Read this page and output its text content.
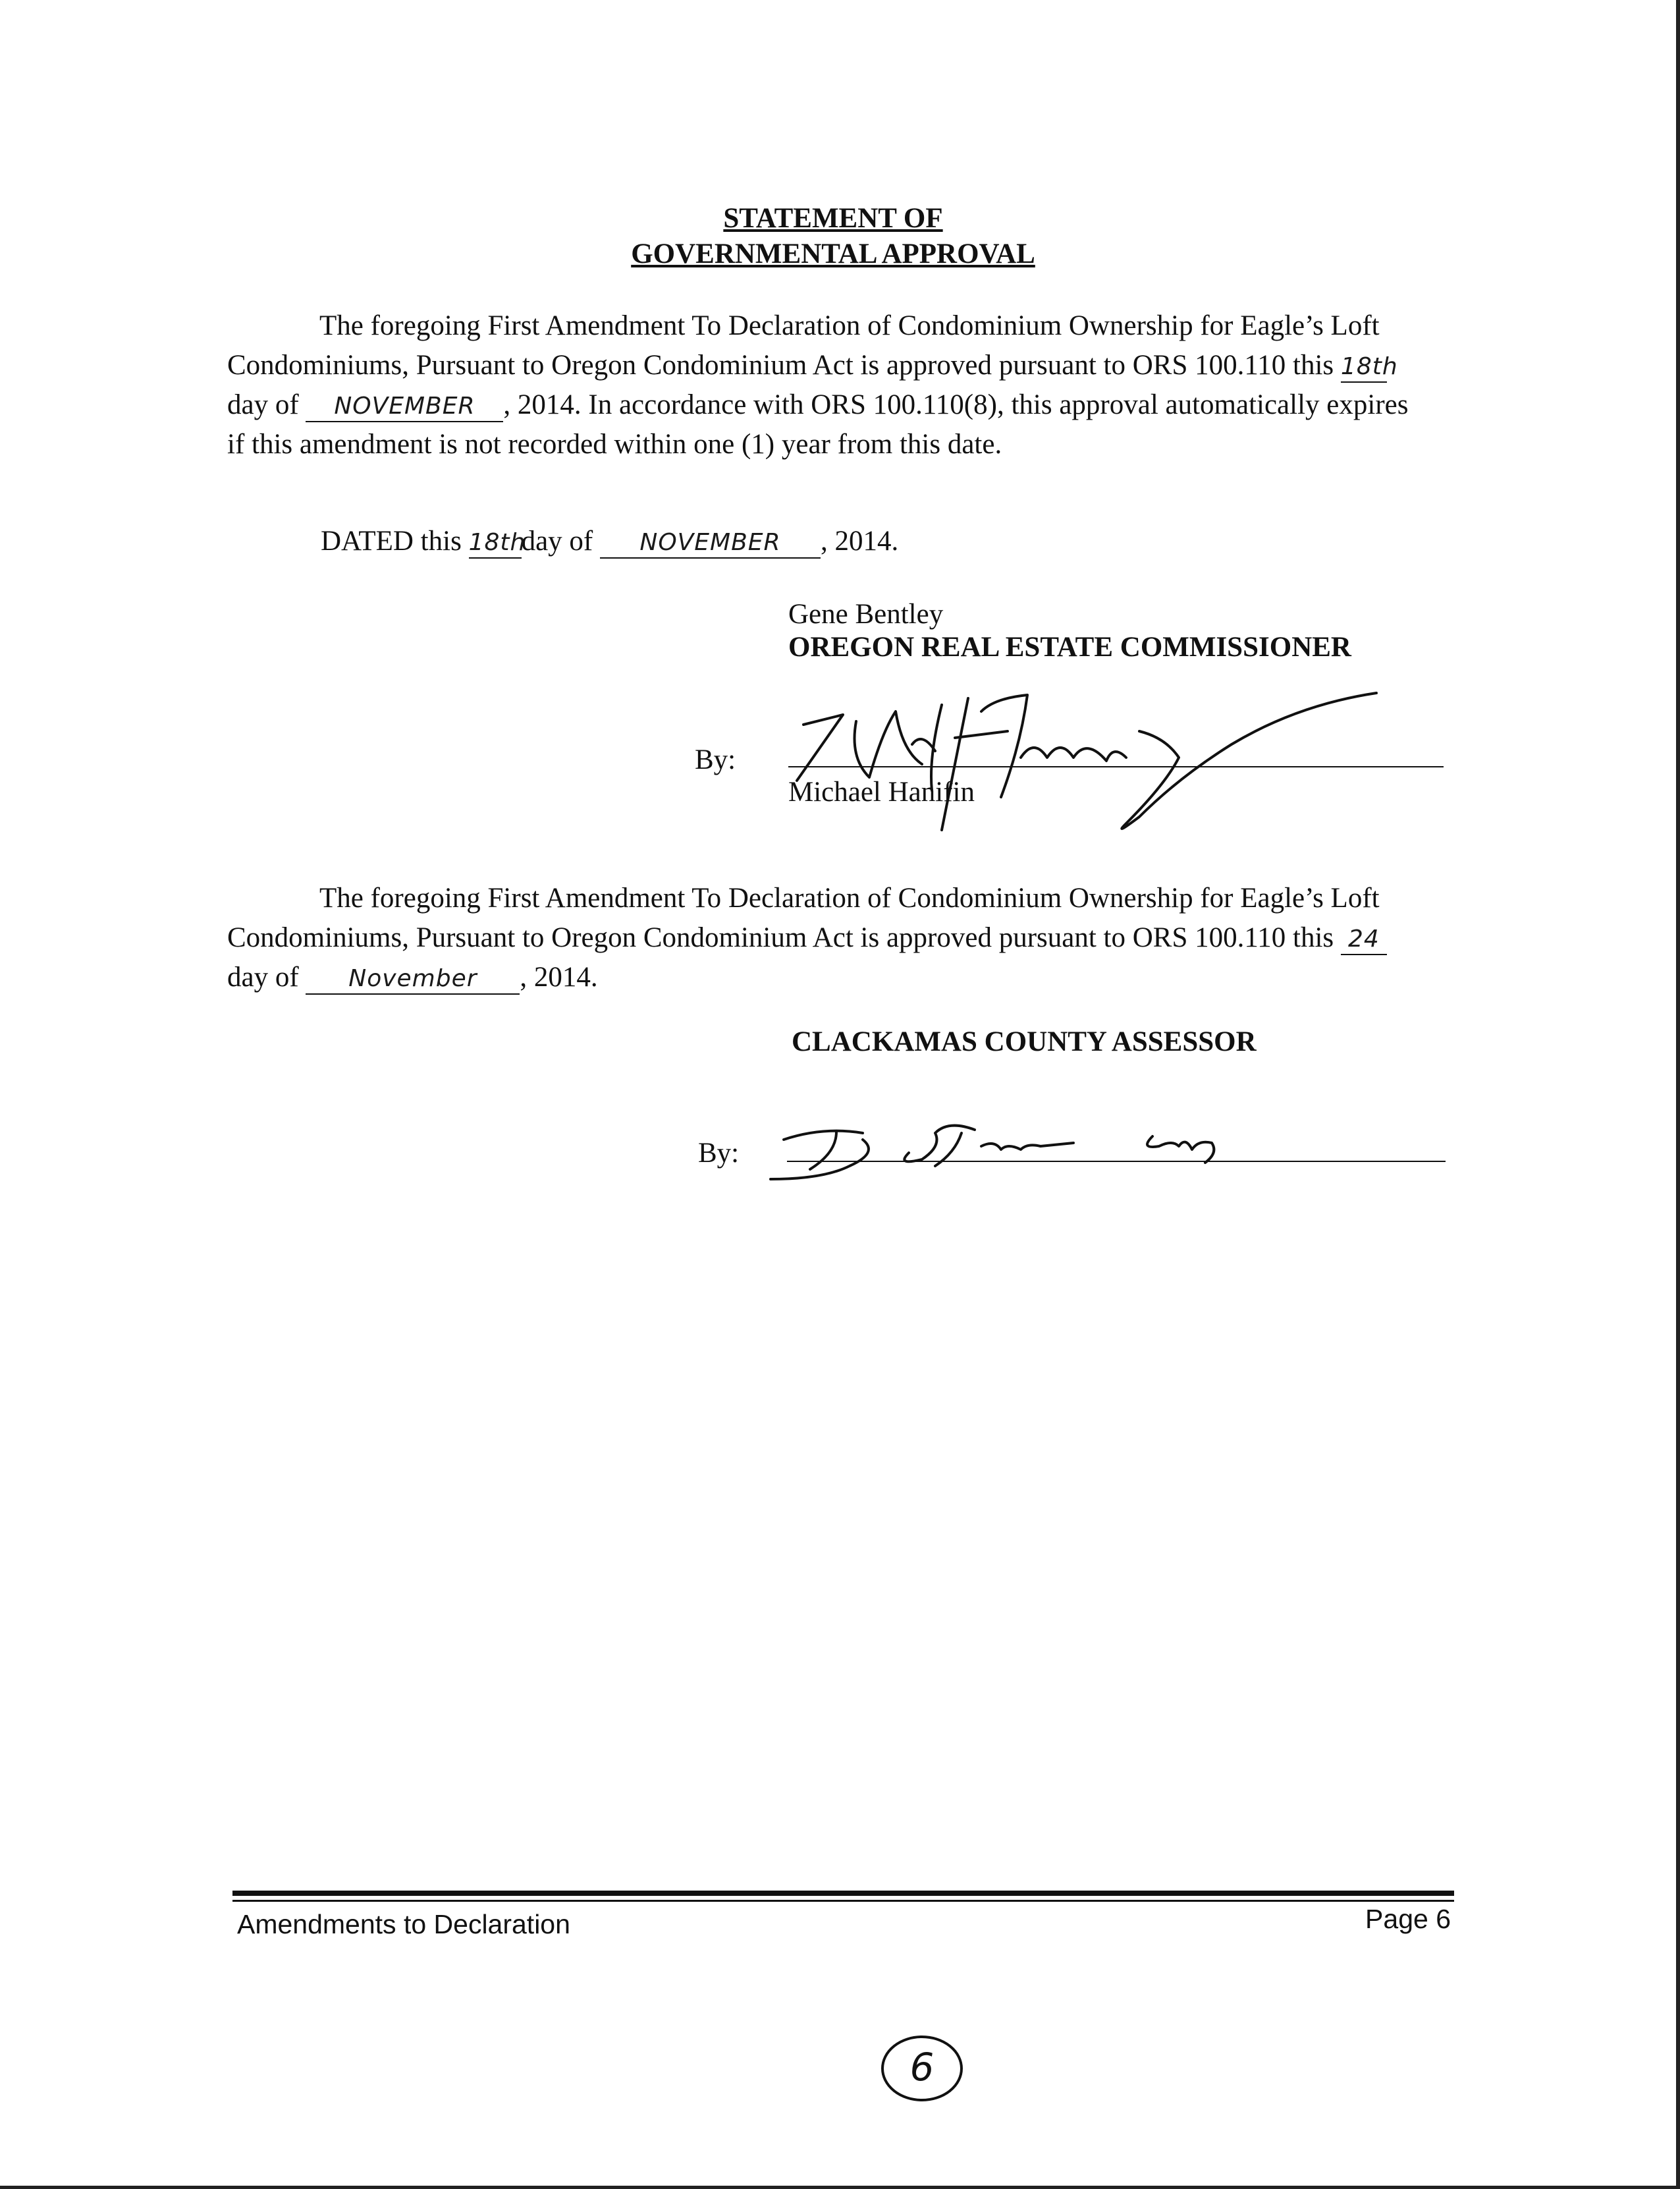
STATEMENT OF
GOVERNMENTAL APPROVAL
The foregoing First Amendment To Declaration of Condominium Ownership for Eagle’s Loft Condominiums, Pursuant to Oregon Condominium Act is approved pursuant to ORS 100.110 this 18th day of NOVEMBER , 2014. In accordance with ORS 100.110(8), this approval automatically expires if this amendment is not recorded within one (1) year from this date.
DATED this 18thday of NOVEMBER , 2014.
Gene Bentley
OREGON REAL ESTATE COMMISSIONER
By:
Michael Hanifin
The foregoing First Amendment To Declaration of Condominium Ownership for Eagle’s Loft Condominiums, Pursuant to Oregon Condominium Act is approved pursuant to ORS 100.110 this 24 day of November , 2014.
CLACKAMAS COUNTY ASSESSOR
By:
Amendments to Declaration	Page 6
6
